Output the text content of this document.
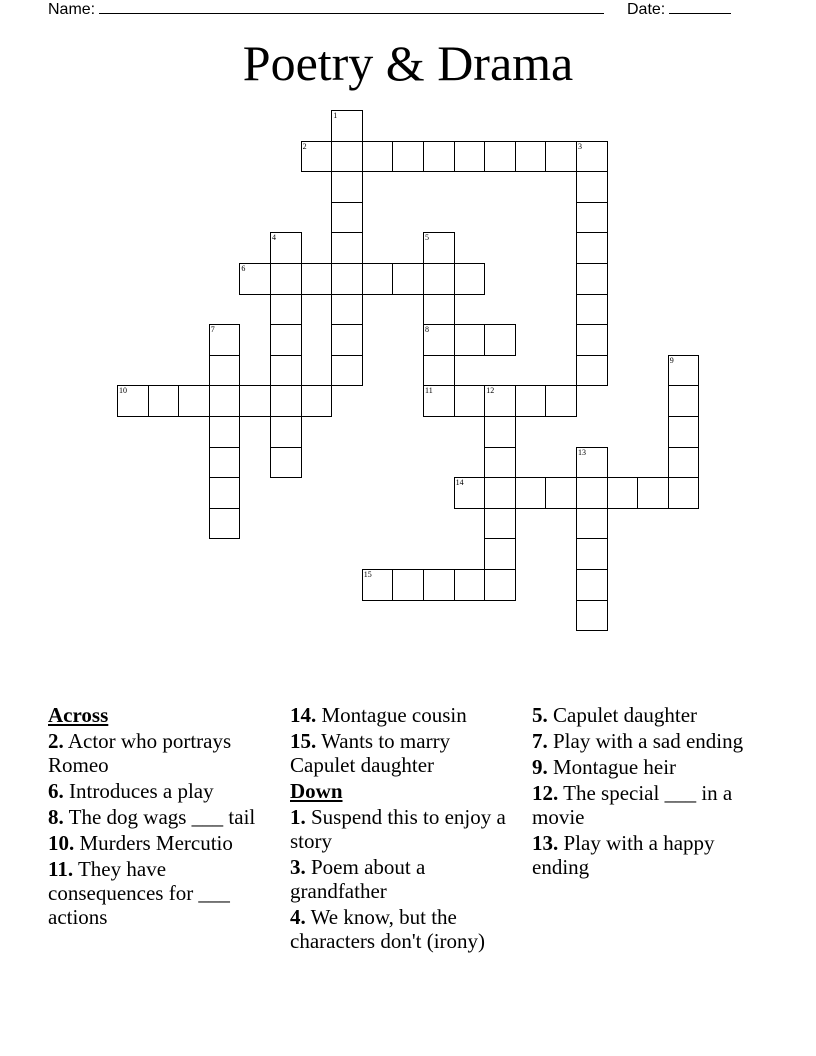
Name:	Date:
Poetry & Drama
1
2	3
4	5
8
6
7
9
10	11	12
13
14
15
Across
2. Actor who portrays Romeo
6. Introduces a play
8. The dog wags ___ tail
10. Murders Mercutio
11. They have consequences for ___ actions
14. Montague cousin
15. Wants to marry Capulet daughter
Down
1. Suspend this to enjoy a story
3. Poem about a grandfather
4. We know, but the characters don't (irony)
5. Capulet daughter
7. Play with a sad ending
9. Montague heir
12. The special ___ in a movie
13. Play with a happy ending
